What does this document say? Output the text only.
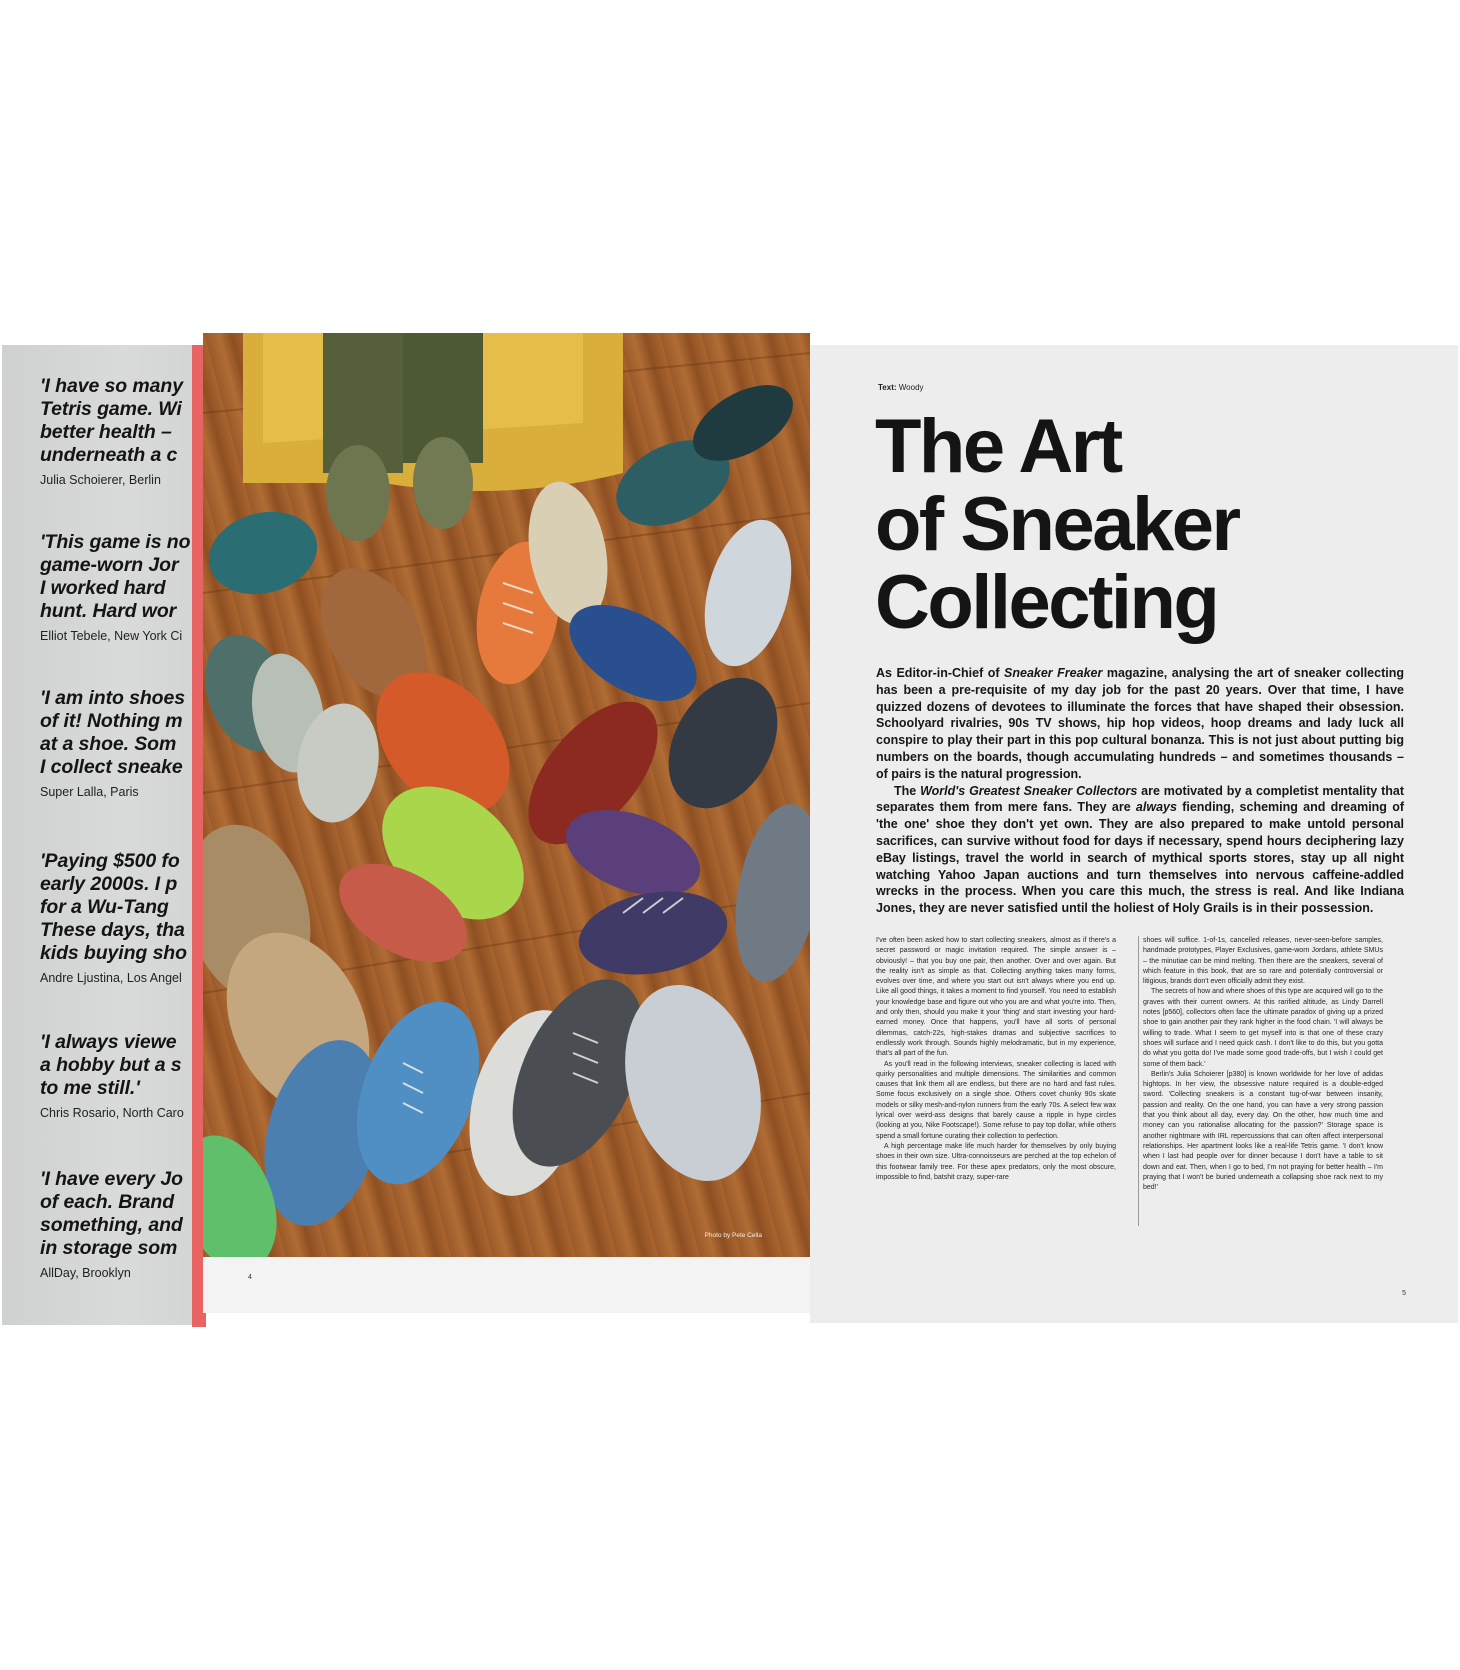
'I have so many
Tetris game. Wi
better health –
underneath a c
Julia Schoierer, Berlin
'This game is no
game-worn Jor
I worked hard
hunt. Hard wor
Elliot Tebele, New York Ci
'I am into shoes
of it! Nothing m
at a shoe. Som
I collect sneake
Super Lalla, Paris
'Paying $500 fo
early 2000s. I p
for a Wu-Tang
These days, tha
kids buying sho
Andre Ljustina, Los Angel
'I always viewe
a hobby but a s
to me still.'
Chris Rosario, North Caro
'I have every Jo
of each. Brand
something, and
in storage som
AllDay, Brooklyn
Photo by Pete Cella
4
Text: Woody
The Art
of Sneaker
Collecting

As Editor-in-Chief of Sneaker Freaker magazine, analysing the art of sneaker collecting has been a pre-requisite of my day job for the past 20 years. Over that time, I have quizzed dozens of devotees to illuminate the forces that have shaped their obsession. Schoolyard rivalries, 90s TV shows, hip hop videos, hoop dreams and lady luck all conspire to play their part in this pop cultural bonanza. This is not just about putting big numbers on the boards, though accumulating hundreds – and sometimes thousands – of pairs is the natural progression.

The World's Greatest Sneaker Collectors are motivated by a completist mentality that separates them from mere fans. They are always fiending, scheming and dreaming of 'the one' shoe they don't yet own. They are also prepared to make untold personal sacrifices, can survive without food for days if necessary, spend hours deciphering lazy eBay listings, travel the world in search of mythical sports stores, stay up all night watching Yahoo Japan auctions and turn themselves into nervous caffeine-addled wrecks in the process. When you care this much, the stress is real. And like Indiana Jones, they are never satisfied until the holiest of Holy Grails is in their possession.

I've often been asked how to start collecting sneakers, almost as if there's a secret password or magic invitation required. The simple answer is – obviously! – that you buy one pair, then another. Over and over again. But the reality isn't as simple as that. Collecting anything takes many forms, evolves over time, and where you start out isn't always where you end up. Like all good things, it takes a moment to find yourself. You need to establish your knowledge base and figure out who you are and what you're into. Then, and only then, should you make it your 'thing' and start investing your hard-earned money. Once that happens, you'll have all sorts of personal dilemmas, catch-22s, high-stakes dramas and subjective sacrifices to endlessly work through. Sounds highly melodramatic, but in my experience, that's all part of the fun.

As you'll read in the following interviews, sneaker collecting is laced with quirky personalities and multiple dimensions. The similarities and common causes that link them all are endless, but there are no hard and fast rules. Some focus exclusively on a single shoe. Others covet chunky 90s skate models or silky mesh-and-nylon runners from the early 70s. A select few wax lyrical over weird-ass designs that barely cause a ripple in hype circles (looking at you, Nike Footscape!). Some refuse to pay top dollar, while others spend a small fortune curating their collection to perfection.

A high percentage make life much harder for themselves by only buying shoes in their own size. Ultra-connoisseurs are perched at the top echelon of this footwear family tree. For these apex predators, only the most obscure, impossible to find, batshit crazy, super-rare

shoes will suffice. 1-of-1s, cancelled releases, never-seen-before samples, handmade prototypes, Player Exclusives, game-worn Jordans, athlete SMUs – the minutiae can be mind melting. Then there are the sneakers, several of which feature in this book, that are so rare and potentially controversial or litigious, brands don't even officially admit they exist.

The secrets of how and where shoes of this type are acquired will go to the graves with their current owners. At this rarified altitude, as Lindy Darrell notes [p560], collectors often face the ultimate paradox of giving up a prized shoe to gain another pair they rank higher in the food chain. 'I will always be willing to trade. What I seem to get myself into is that one of these crazy shoes will surface and I need quick cash. I don't like to do this, but you gotta do what you gotta do! I've made some good trade-offs, but I wish I could get some of them back.'

Berlin's Julia Schoierer [p380] is known worldwide for her love of adidas hightops. In her view, the obsessive nature required is a double-edged sword. 'Collecting sneakers is a constant tug-of-war between insanity, passion and reality. On the one hand, you can have a very strong passion that you think about all day, every day. On the other, how much time and money can you rationalise allocating for the passion?' Storage space is another nightmare with IRL repercussions that can often affect interpersonal relationships. Her apartment looks like a real-life Tetris game. 'I don't know when I last had people over for dinner because I don't have a table to sit down and eat. Then, when I go to bed, I'm not praying for better health – I'm praying that I won't be buried underneath a collapsing shoe rack next to my bed!'

5
